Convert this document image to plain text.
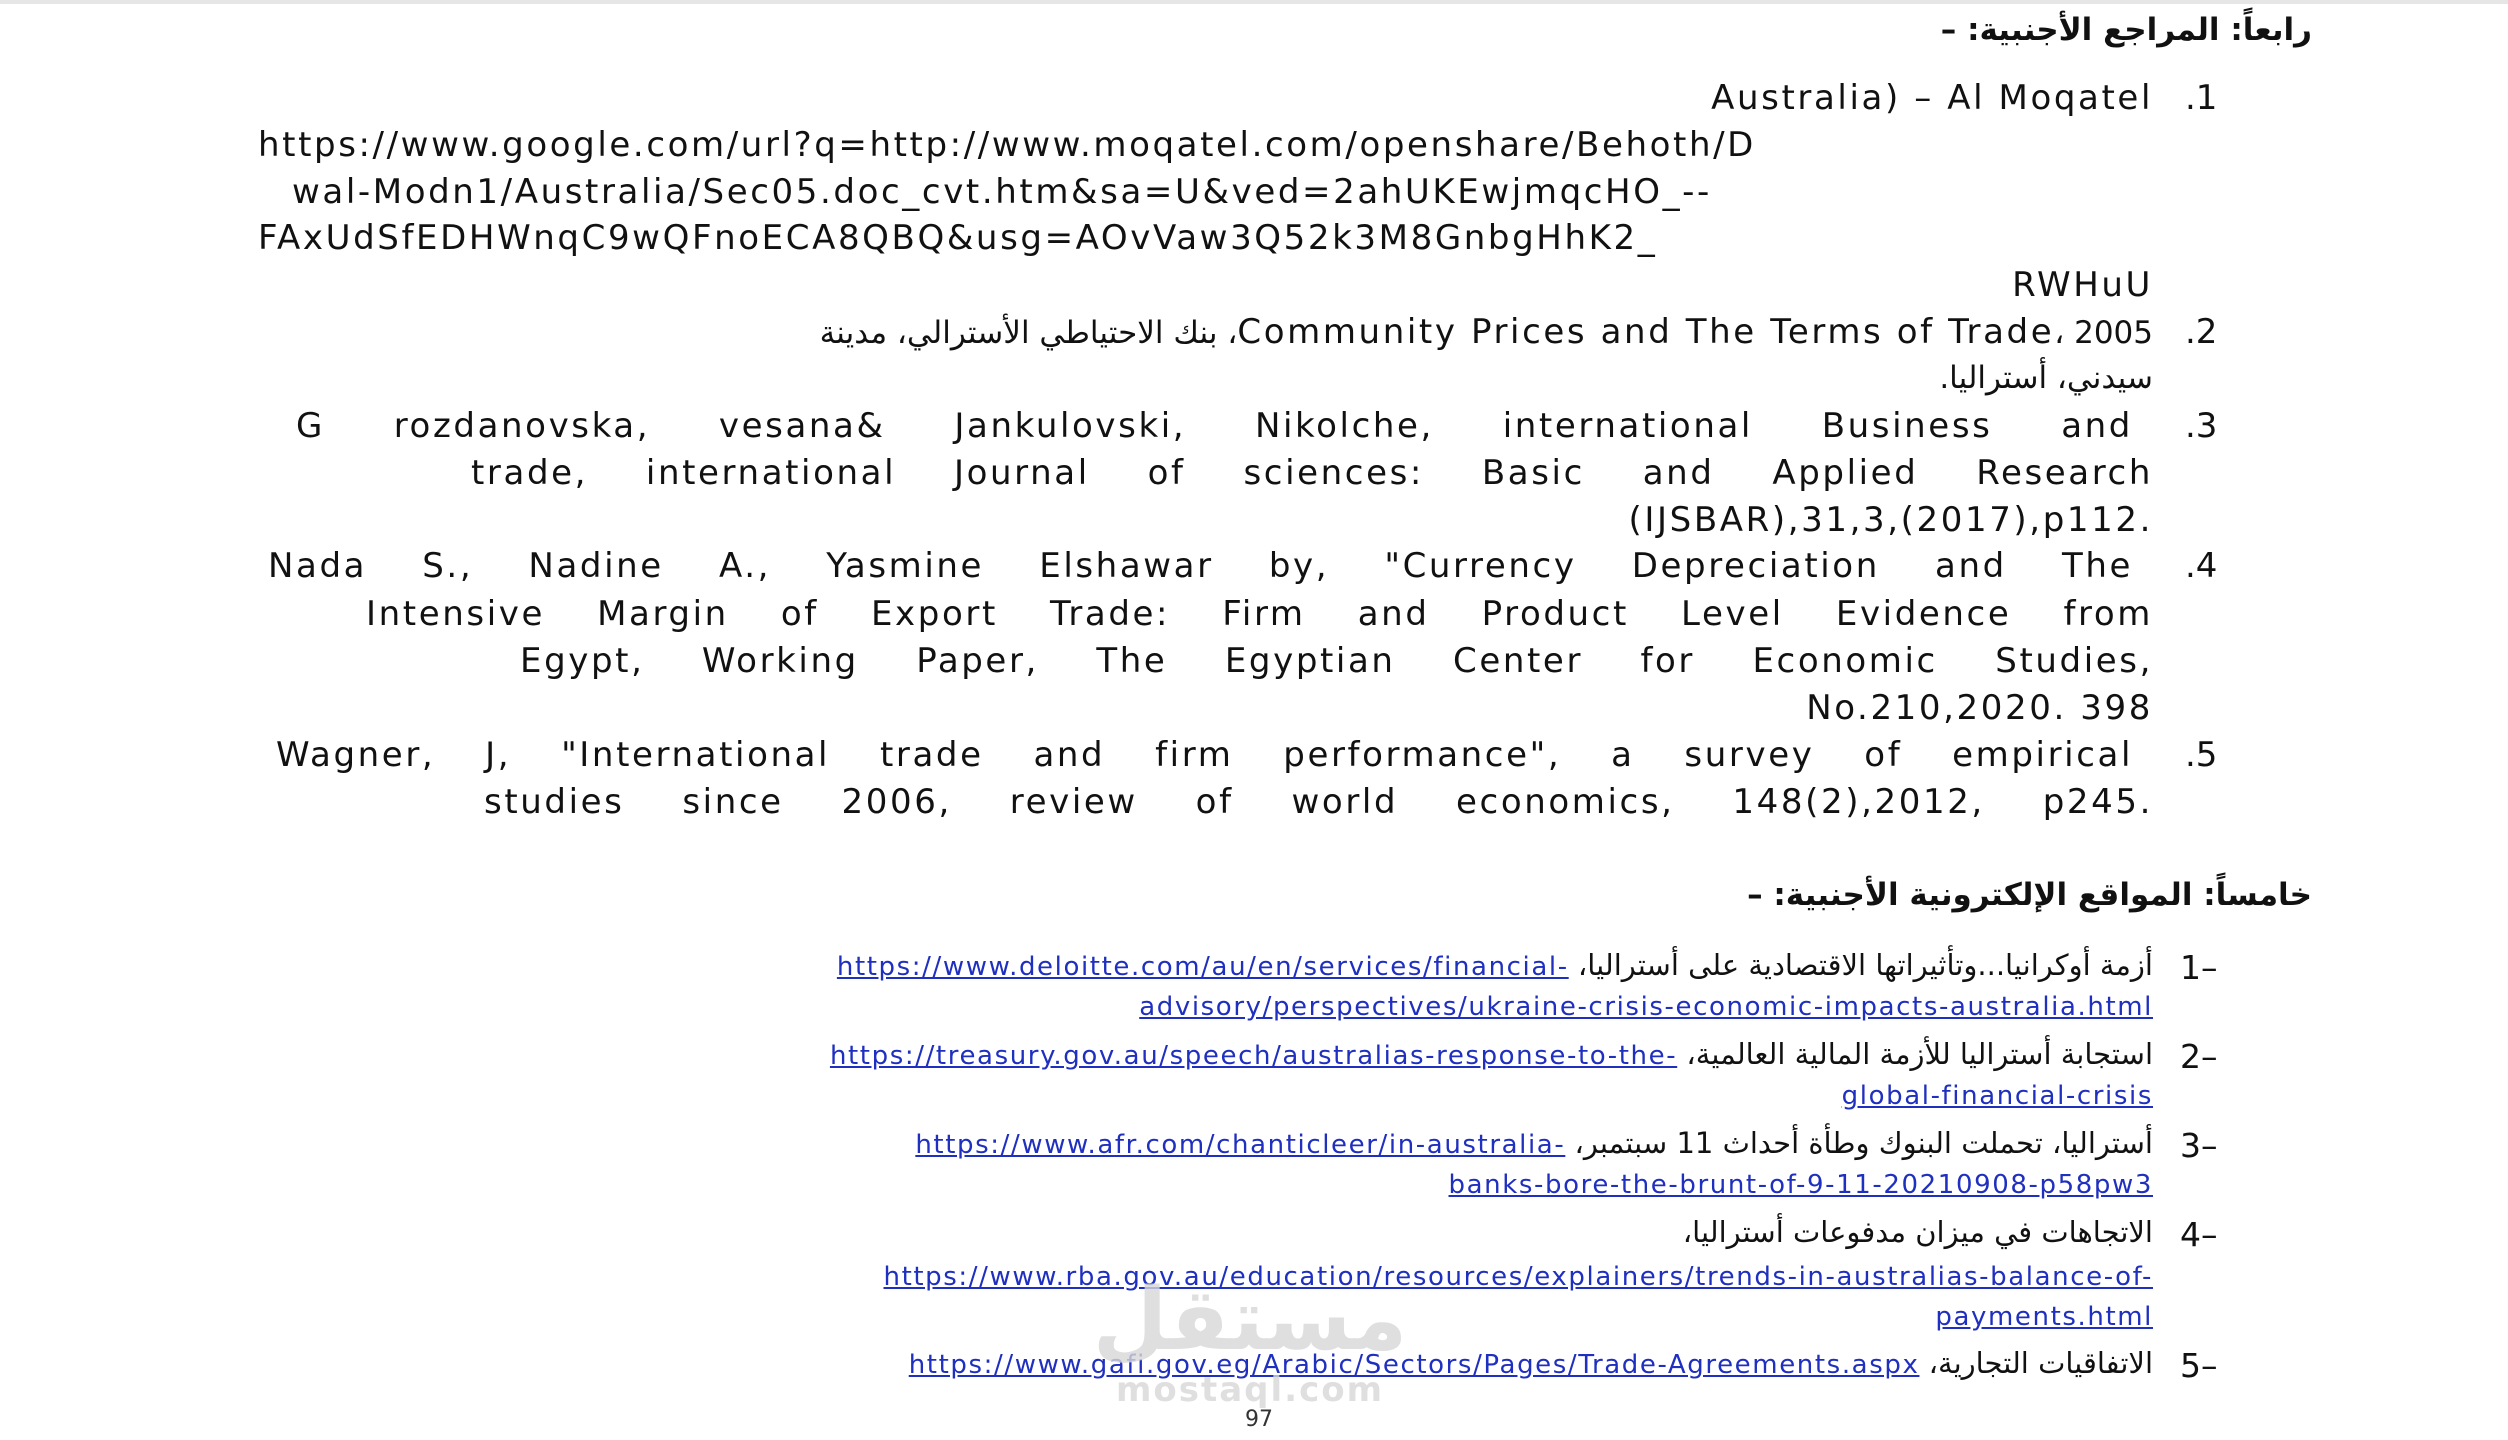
رابعاً: المراجع الأجنبية: –
.1
Australia) – Al Moqatel
https://www.google.com/url?q=http://www.moqatel.com/openshare/Behoth/D
wal-Modn1/Australia/Sec05.doc_cvt.htm&sa=U&ved=2ahUKEwjmqcHO_--
FAxUdSfEDHWnqC9wQFnoECA8QBQ&usg=AOvVaw3Q52k3M8GnbgHhK2_
RWHuU
.2
Community Prices and The Terms of Trade، 2005، بنك الاحتياطي الأسترالي، مدينة
سيدني، أستراليا.
.3
G rozdanovska, vesana& Jankulovski, Nikolche, international Business and
trade, international Journal of sciences: Basic and Applied Research
(IJSBAR),31,3,(2017),p112.
.4
Nada S., Nadine A., Yasmine Elshawar by, "Currency Depreciation and The
Intensive Margin of Export Trade: Firm and Product Level Evidence from
Egypt, Working Paper, The Egyptian Center for Economic Studies,
No.210,2020. 398
.5
Wagner, J, "International trade and firm performance", a survey of empirical
studies since 2006, review of world economics, 148(2),2012, p245.
خامساً: المواقع الإلكترونية الأجنبية: –
1–
أزمة أوكرانيا...وتأثيراتها الاقتصادية على أستراليا، https://www.deloitte.com/au/en/services/financial-
advisory/perspectives/ukraine-crisis-economic-impacts-australia.html
2–
استجابة أستراليا للأزمة المالية العالمية، https://treasury.gov.au/speech/australias-response-to-the-
global-financial-crisis
3–
أستراليا، تحملت البنوك وطأة أحداث 11 سبتمبر، https://www.afr.com/chanticleer/in-australia-
banks-bore-the-brunt-of-9-11-20210908-p58pw3
4–
الاتجاهات في ميزان مدفوعات أستراليا،
https://www.rba.gov.au/education/resources/explainers/trends-in-australias-balance-of-
payments.html
5–
الاتفاقيات التجارية، https://www.gafi.gov.eg/Arabic/Sectors/Pages/Trade-Agreements.aspx
مستقل
mostaql.com
97
